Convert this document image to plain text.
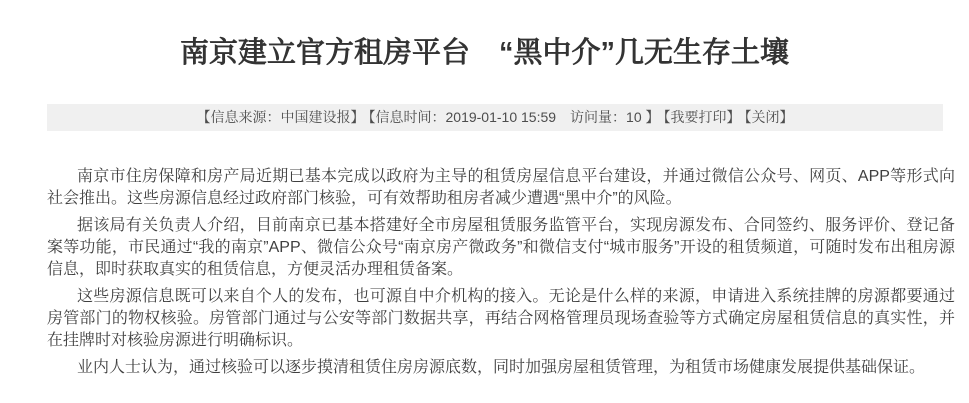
南京建立官方租房平台　“黑中介”几无生存土壤
【信息来源：中国建设报】 【信息时间：2019-01-10 15:59　访问量：10 】 【我要打印】 【关闭】

南京市住房保障和房产局近期已基本完成以政府为主导的租赁房屋信息平台建设，并通过微信公众号、网页、APP等形式向社会推出。这些房源信息经过政府部门核验，可有效帮助租房者减少遭遇“黑中介”的风险。

据该局有关负责人介绍，目前南京已基本搭建好全市房屋租赁服务监管平台，实现房源发布、合同签约、服务评价、登记备案等功能，市民通过“我的南京”APP、微信公众号“南京房产微政务”和微信支付“城市服务”开设的租赁频道，可随时发布出租房源信息，即时获取真实的租赁信息，方便灵活办理租赁备案。

这些房源信息既可以来自个人的发布，也可源自中介机构的接入。无论是什么样的来源，申请进入系统挂牌的房源都要通过房管部门的物权核验。房管部门通过与公安等部门数据共享，再结合网格管理员现场查验等方式确定房屋租赁信息的真实性，并在挂牌时对核验房源进行明确标识。

业内人士认为，通过核验可以逐步摸清租赁住房房源底数，同时加强房屋租赁管理，为租赁市场健康发展提供基础保证。
